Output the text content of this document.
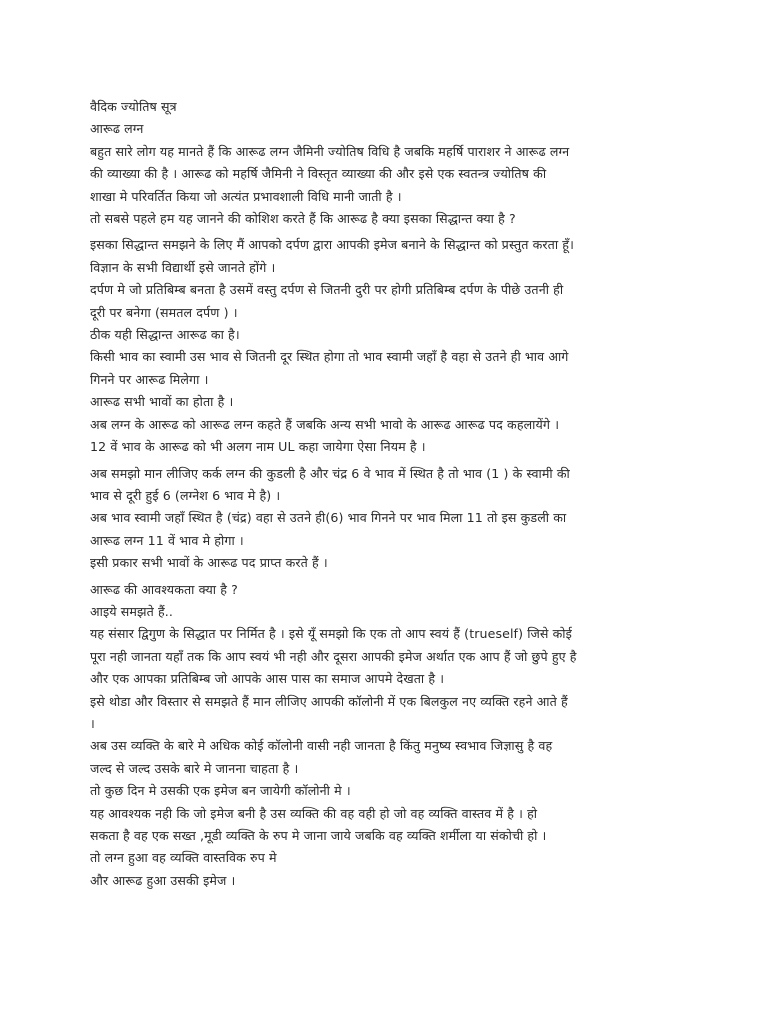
वैदिक ज्योतिष सूत्र
आरूढ लग्न
बहुत सारे लोग यह मानते हैं कि आरूढ लग्न जैमिनी ज्योतिष विधि है जबकि महर्षि पाराशर ने आरूढ लग्न
की व्याख्या की है । आरूढ को महर्षि जैमिनी ने विस्तृत व्याख्या की और इसे एक स्वतन्त्र ज्योतिष की
शाखा मे परिवर्तित किया जो अत्यंत प्रभावशाली विधि मानी जाती है ।
तो सबसे पहले हम यह जानने की कोशिश करते हैं कि आरूढ है क्या इसका सिद्धान्त क्या है ?
इसका सिद्धान्त समझने के लिए मैं आपको दर्पण द्वारा आपकी इमेज बनाने के सिद्धान्त को प्रस्तुत करता हूँ।
विज्ञान के सभी विद्यार्थी इसे जानते होंगे ।
दर्पण मे जो प्रतिबिम्ब बनता है उसमें वस्तु दर्पण से जितनी दुरी पर होगी प्रतिबिम्ब दर्पण के पीछे उतनी ही
दूरी पर बनेगा (समतल दर्पण ) ।
ठीक यही सिद्धान्त आरूढ का है।
किसी भाव का स्वामी उस भाव से जितनी दूर स्थित होगा तो भाव स्वामी जहाँ है वहा से उतने ही भाव आगे
गिनने पर आरूढ मिलेगा ।
आरूढ सभी भावों का होता है ।
अब लग्न के आरूढ को आरूढ लग्न कहते हैं जबकि अन्य सभी भावो के आरूढ आरूढ पद कहलायेंगे ।
12 वें भाव के आरूढ को भी अलग नाम UL कहा जायेगा ऐसा नियम है ।
अब समझो मान लीजिए कर्क लग्न की कुडली है और चंद्र 6 वे भाव में स्थित है तो भाव (1 ) के स्वामी की
भाव से दूरी हुई 6 (लग्नेश 6 भाव मे है) ।
अब भाव स्वामी जहाँ स्थित है (चंद्र) वहा से उतने ही(6) भाव गिनने पर भाव मिला 11 तो इस कुडली का
आरूढ लग्न 11 वें भाव मे होगा ।
इसी प्रकार सभी भावों के आरूढ पद प्राप्त करते हैं ।
आरूढ की आवश्यकता क्या है ?
आइये समझते हैं..
यह संसार द्विगुण के सिद्धात पर निर्मित है । इसे यूँ समझो कि एक तो आप स्वयं हैं (trueself) जिसे कोई
पूरा नही जानता यहाँ तक कि आप स्वयं भी नही और दूसरा आपकी इमेज अर्थात एक आप हैं जो छुपे हुए है
और एक आपका प्रतिबिम्ब जो आपके आस पास का समाज आपमे देखता है ।
इसे थोडा और विस्तार से समझते हैं मान लीजिए आपकी कॉलोनी में एक बिलकुल नए व्यक्ति रहने आते हैं
।
अब उस व्यक्ति के बारे मे अधिक कोई कॉलोनी वासी नही जानता है किंतु मनुष्य स्वभाव जिज्ञासु है वह
जल्द से जल्द उसके बारे मे जानना चाहता है ।
तो कुछ दिन मे उसकी एक इमेज बन जायेगी कॉलोनी मे ।
यह आवश्यक नही कि जो इमेज बनी है उस व्यक्ति की वह वही हो जो वह व्यक्ति वास्तव में है । हो
सकता है वह एक सख्त ,मूडी व्यक्ति के रुप मे जाना जाये जबकि वह व्यक्ति शर्मीला या संकोची हो ।
तो लग्न हुआ वह व्यक्ति वास्तविक रुप मे
और आरूढ हुआ उसकी इमेज ।
